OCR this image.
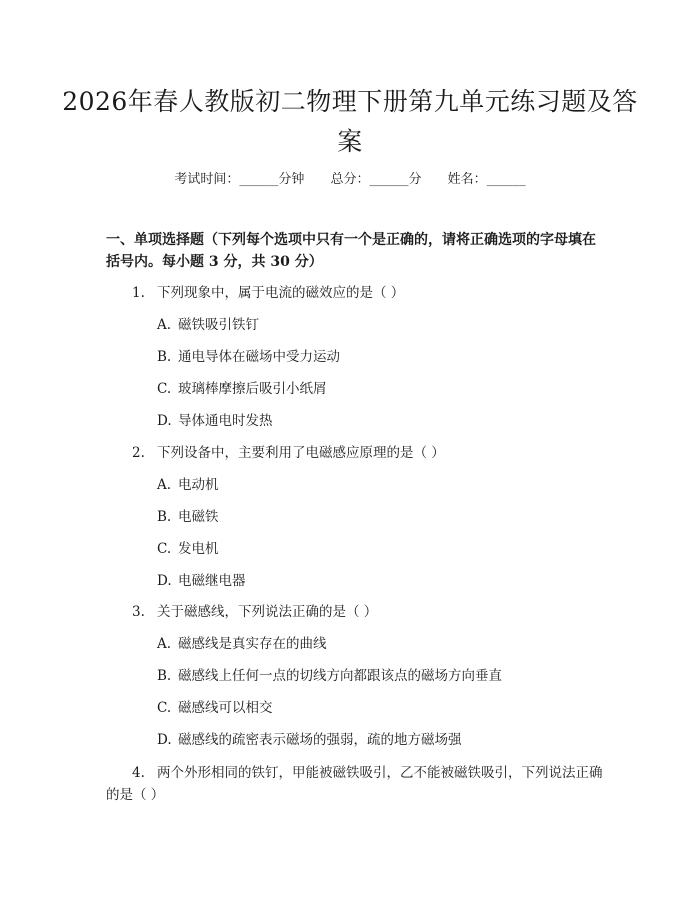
2026年春人教版初二物理下册第九单元练习题及答案
考试时间：______分钟 总分：______分 姓名：______
一、单项选择题（下列每个选项中只有一个是正确的，请将正确选项的字母填在括号内。每小题 3 分，共 30 分）
1. 下列现象中，属于电流的磁效应的是（ ）
A. 磁铁吸引铁钉
B. 通电导体在磁场中受力运动
C. 玻璃棒摩擦后吸引小纸屑
D. 导体通电时发热
2. 下列设备中，主要利用了电磁感应原理的是（ ）
A. 电动机
B. 电磁铁
C. 发电机
D. 电磁继电器
3. 关于磁感线，下列说法正确的是（ ）
A. 磁感线是真实存在的曲线
B. 磁感线上任何一点的切线方向都跟该点的磁场方向垂直
C. 磁感线可以相交
D. 磁感线的疏密表示磁场的强弱，疏的地方磁场强
4. 两个外形相同的铁钉，甲能被磁铁吸引，乙不能被磁铁吸引，下列说法正确的是（ ）
